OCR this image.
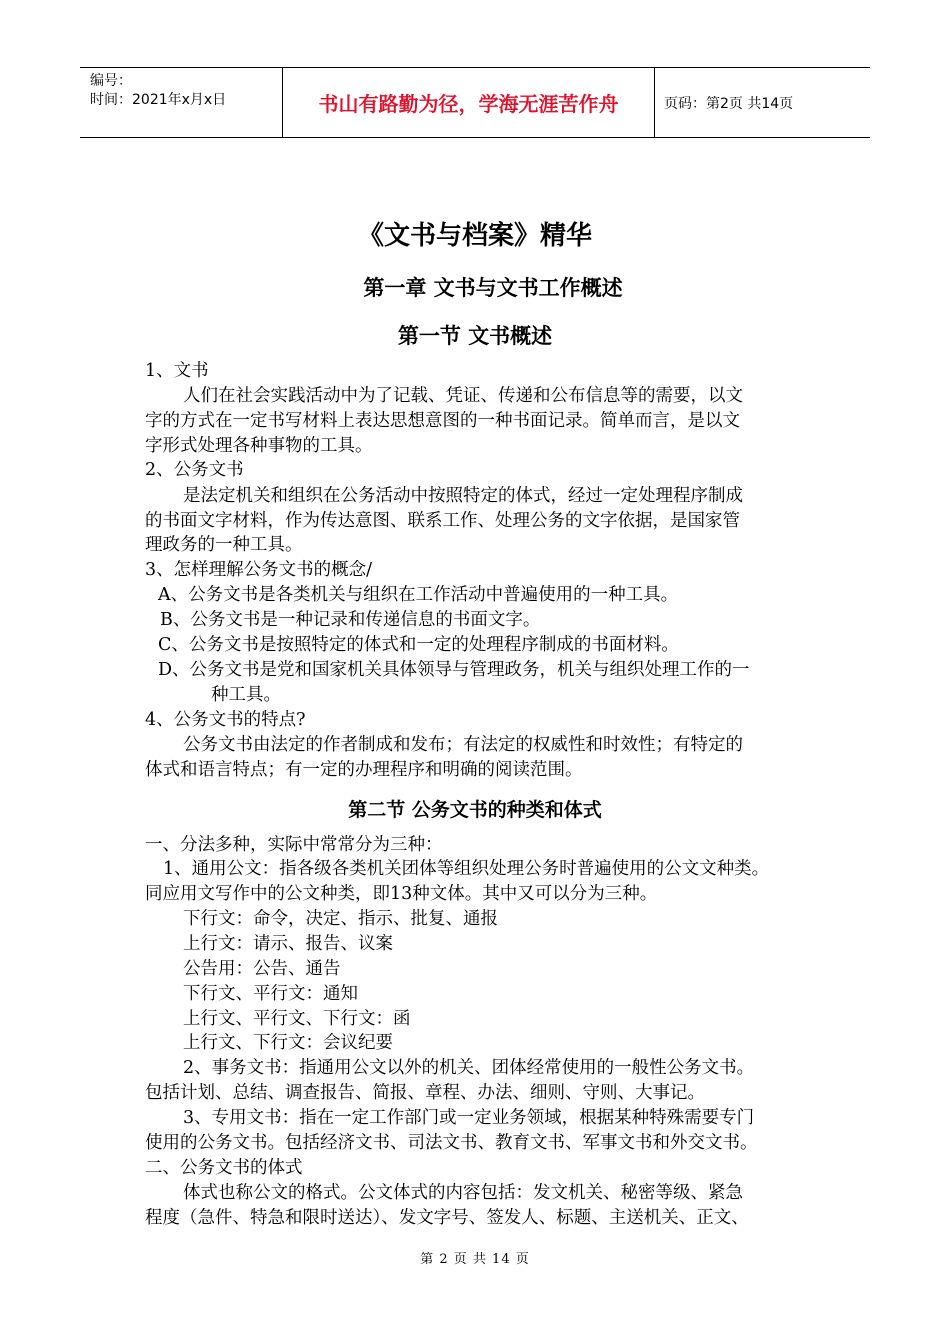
编号：
时间：2021年x月x日	书山有路勤为径，学海无涯苦作舟	页码：第2页 共14页
《文书与档案》精华
第一章 文书与文书工作概述
第一节 文书概述
1、文书
人们在社会实践活动中为了记载、凭证、传递和公布信息等的需要，以文
字的方式在一定书写材料上表达思想意图的一种书面记录。简单而言，是以文
字形式处理各种事物的工具。
2、公务文书
是法定机关和组织在公务活动中按照特定的体式，经过一定处理程序制成
的书面文字材料，作为传达意图、联系工作、处理公务的文字依据，是国家管
理政务的一种工具。
3、怎样理解公务文书的概念/
A、公务文书是各类机关与组织在工作活动中普遍使用的一种工具。
B、公务文书是一种记录和传递信息的书面文字。
C、公务文书是按照特定的体式和一定的处理程序制成的书面材料。
D、公务文书是党和国家机关具体领导与管理政务，机关与组织处理工作的一
种工具。
4、公务文书的特点?
公务文书由法定的作者制成和发布；有法定的权威性和时效性；有特定的
体式和语言特点；有一定的办理程序和明确的阅读范围。
第二节 公务文书的种类和体式
一、分法多种，实际中常常分为三种：
1、通用公文：指各级各类机关团体等组织处理公务时普遍使用的公文文种类。
同应用文写作中的公文种类，即13种文体。其中又可以分为三种。
下行文：命令，决定、指示、批复、通报
上行文：请示、报告、议案
公告用：公告、通告
下行文、平行文：通知
上行文、平行文、下行文：函
上行文、下行文：会议纪要
2、事务文书：指通用公文以外的机关、团体经常使用的一般性公务文书。
包括计划、总结、调查报告、简报、章程、办法、细则、守则、大事记。
3、专用文书：指在一定工作部门或一定业务领域，根据某种特殊需要专门
使用的公务文书。包括经济文书、司法文书、教育文书、军事文书和外交文书。
二、公务文书的体式
体式也称公文的格式。公文体式的内容包括：发文机关、秘密等级、紧急
程度（急件、特急和限时送达）、发文字号、签发人、标题、主送机关、正文、
第 2 页 共 14 页
